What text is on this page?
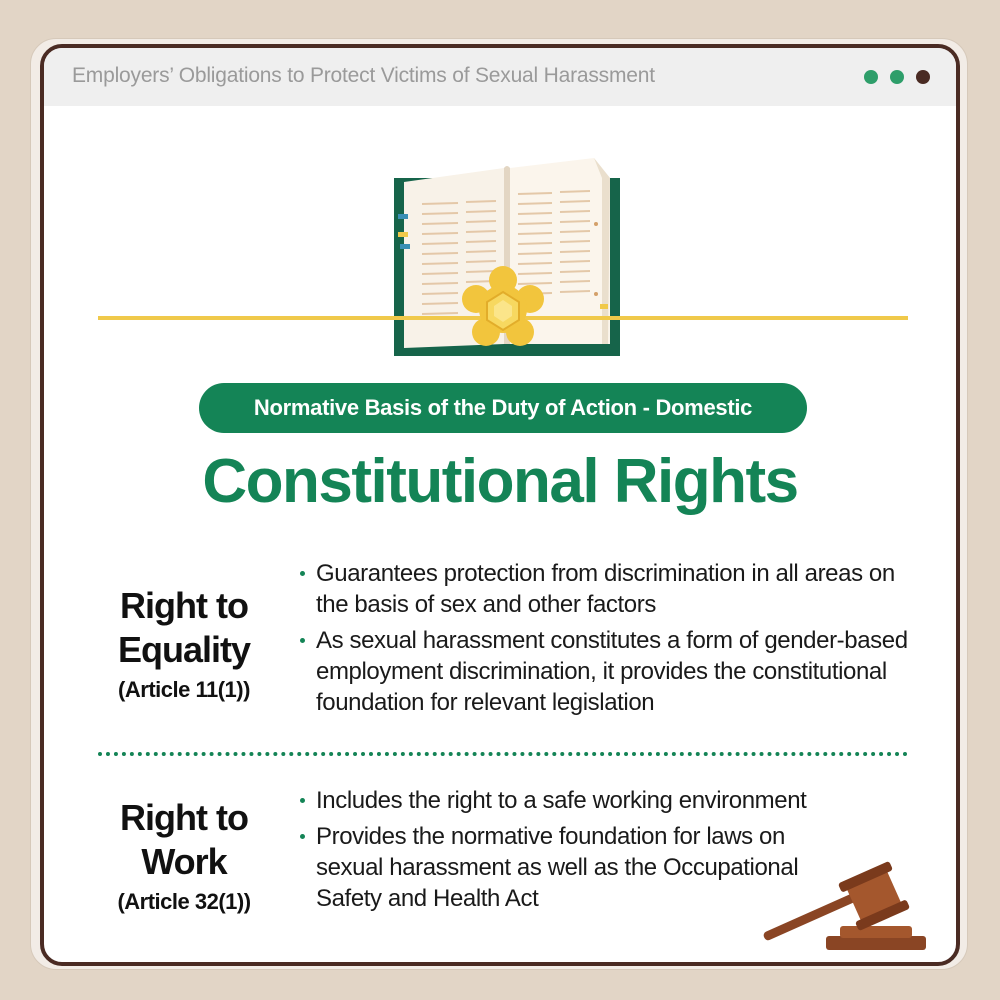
Employers’ Obligations to Protect Victims of Sexual Harassment
Normative Basis of the Duty of Action - Domestic
Constitutional Rights
Right to
Equality
(Article 11(1))
Guarantees protection from discrimination in all areas on the basis of sex and other factors
As sexual harassment constitutes a form of gender-based employment discrimination, it provides the constitutional foundation for relevant legislation
Right to
Work
(Article 32(1))
Includes the right to a safe working environment
Provides the normative foundation for laws on sexual harassment as well as the Occupational Safety and Health Act
